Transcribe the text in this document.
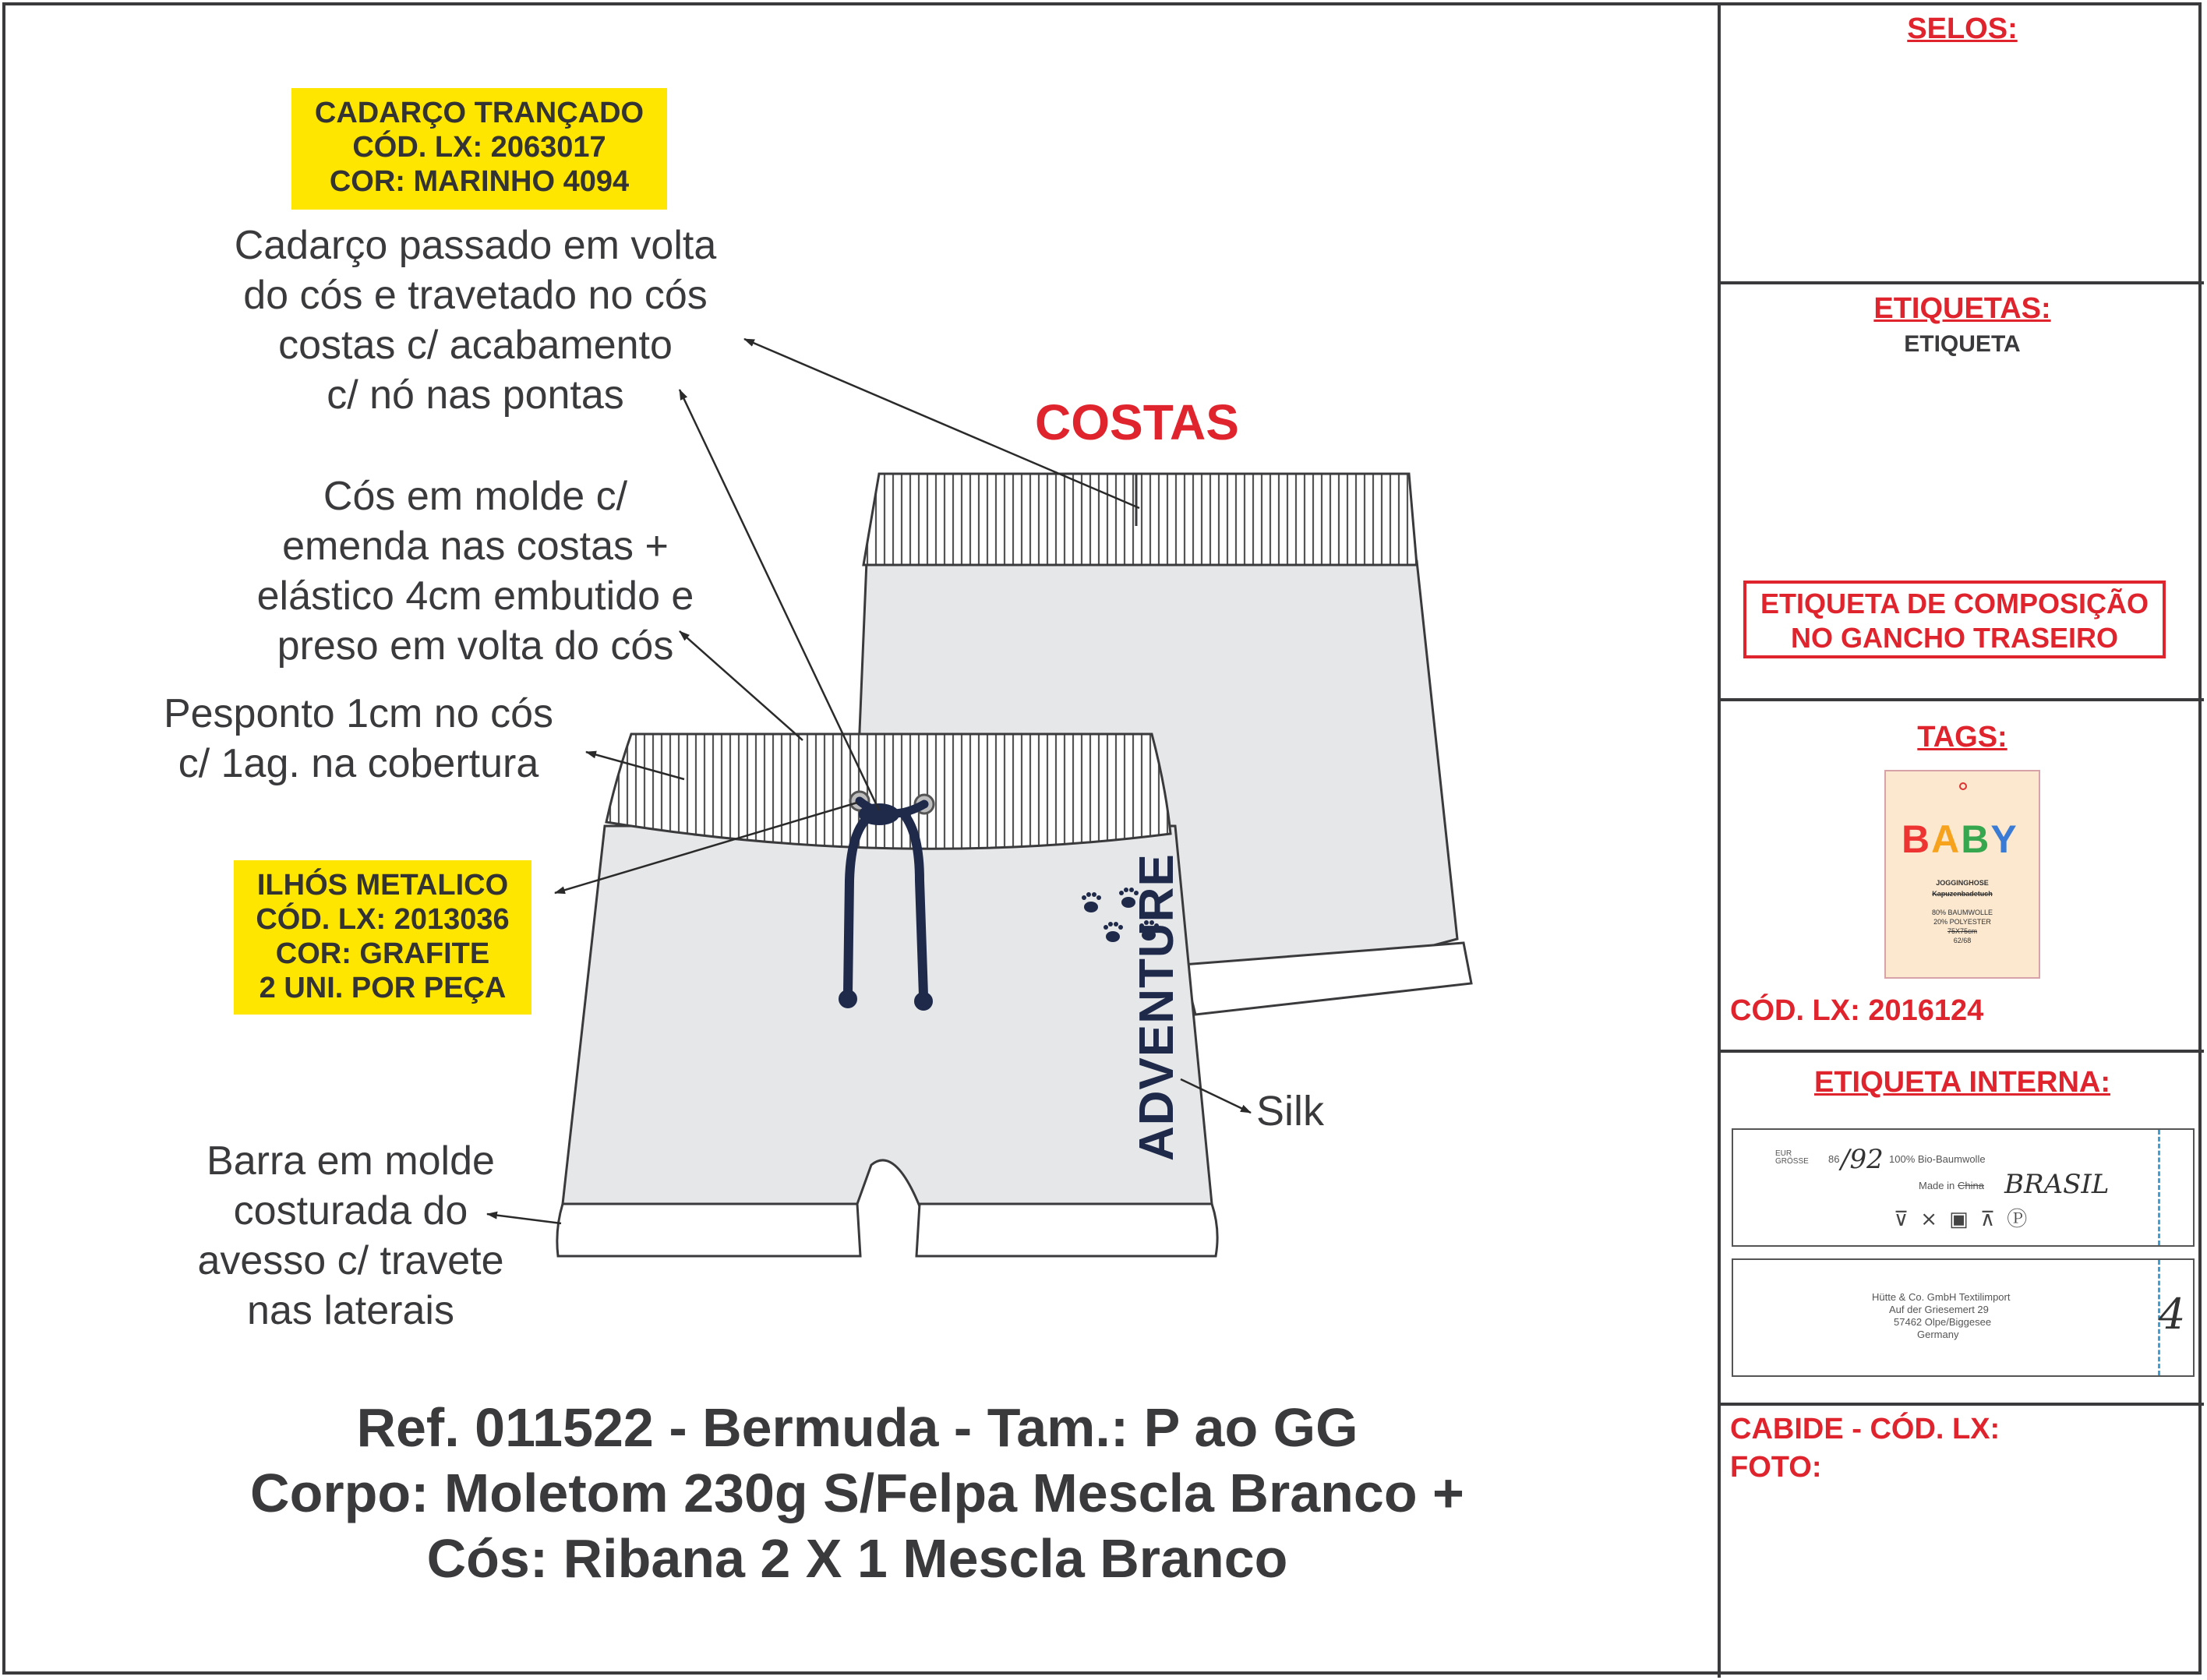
ADVENTURE
COSTAS
CADARÇO TRANÇADO
CÓD. LX: 2063017
COR: MARINHO 4094
Cadarço passado em volta
do cós e travetado no cós
costas c/ acabamento
c/ nó nas pontas
Cós em molde c/
emenda nas costas +
elástico 4cm embutido e
preso em volta do cós
Pesponto 1cm no cós
c/ 1ag. na cobertura
ILHÓS METALICO
CÓD. LX: 2013036
COR: GRAFITE
2 UNI. POR PEÇA
Barra em molde
costurada do
avesso c/ travete
nas laterais
Silk
Ref. 011522 - Bermuda - Tam.: P ao GG
Corpo: Moletom 230g S/Felpa Mescla Branco +
Cós: Ribana 2 X 1 Mescla Branco
SELOS:
ETIQUETAS:
ETIQUETA
ETIQUETA DE COMPOSIÇÃO
NO GANCHO TRASEIRO
TAGS:
BABY
JOGGINGHOSE
Kapuzenbadetuch
80% BAUMWOLLE
20% POLYESTER
75X75cm
62/68
CÓD. LX: 2016124
ETIQUETA INTERNA:
EUR GRÖSSE 86 /92 100% Bio-Baumwolle
Made in China BRASIL
⊽ ⨯ ▣ ⊼ Ⓟ
Hütte & Co. GmbH Textilimport
Auf der Griesemert 29
57462 Olpe/Biggesee
Germany	4
CABIDE - CÓD. LX:
FOTO:
